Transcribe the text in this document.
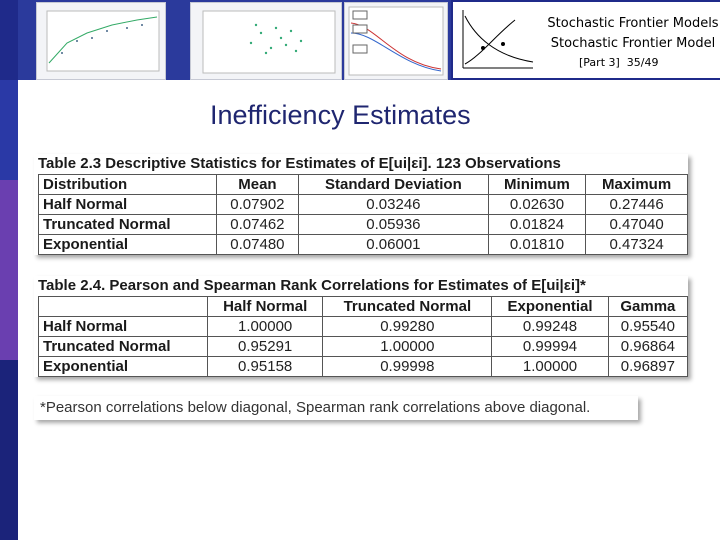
Stochastic Frontier Models
Stochastic Frontier Model
[Part 3]  35/49
Inefficiency Estimates
Table 2.3 Descriptive Statistics for Estimates of E[ui|εi]. 123 Observations
Distribution	Mean	Standard Deviation	Minimum	Maximum
Half Normal	0.07902	0.03246	0.02630	0.27446
Truncated Normal	0.07462	0.05936	0.01824	0.47040
Exponential	0.07480	0.06001	0.01810	0.47324
Table 2.4. Pearson and Spearman Rank Correlations for Estimates of E[ui|εi]*
	Half Normal	Truncated Normal	Exponential	Gamma
Half Normal	1.00000	0.99280	0.99248	0.95540
Truncated Normal	0.95291	1.00000	0.99994	0.96864
Exponential	0.95158	0.99998	1.00000	0.96897
*Pearson correlations below diagonal, Spearman rank correlations above diagonal.
